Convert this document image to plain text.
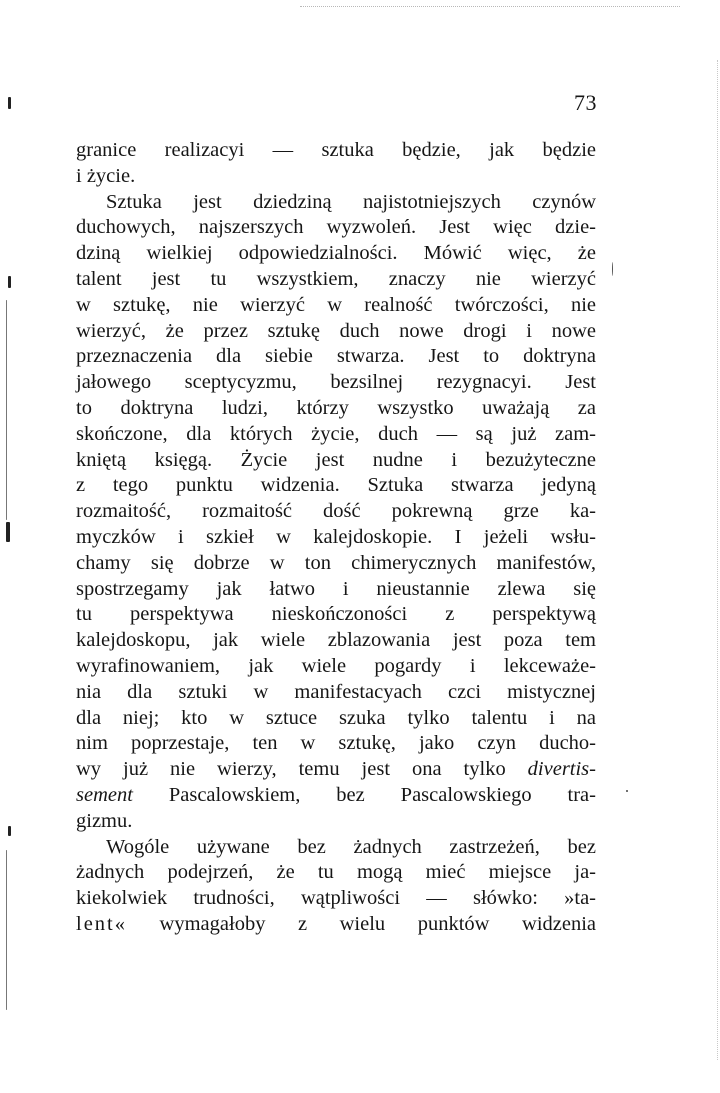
73
granice realizacyi — sztuka będzie, jak będzie
i życie.
Sztuka jest dziedziną najistotniejszych czynów
duchowych, najszerszych wyzwoleń. Jest więc dzie-
dziną wielkiej odpowiedzialności. Mówić więc, że
talent jest tu wszystkiem, znaczy nie wierzyć
w sztukę, nie wierzyć w realność twórczości, nie
wierzyć, że przez sztukę duch nowe drogi i nowe
przeznaczenia dla siebie stwarza. Jest to doktryna
jałowego sceptycyzmu, bezsilnej rezygnacyi. Jest
to doktryna ludzi, którzy wszystko uważają za
skończone, dla których życie, duch — są już zam-
kniętą księgą. Życie jest nudne i bezużyteczne
z tego punktu widzenia. Sztuka stwarza jedyną
rozmaitość, rozmaitość dość pokrewną grze ka-
myczków i szkieł w kalejdoskopie. I jeżeli wsłu-
chamy się dobrze w ton chimerycznych manifestów,
spostrzegamy jak łatwo i nieustannie zlewa się
tu perspektywa nieskończoności z perspektywą
kalejdoskopu, jak wiele zblazowania jest poza tem
wyrafinowaniem, jak wiele pogardy i lekceważe-
nia dla sztuki w manifestacyach czci mistycznej
dla niej; kto w sztuce szuka tylko talentu i na
nim poprzestaje, ten w sztukę, jako czyn ducho-
wy już nie wierzy, temu jest ona tylko divertis-
sement Pascalowskiem, bez Pascalowskiego tra-
gizmu.
Wogóle używane bez żadnych zastrzeżeń, bez
żadnych podejrzeń, że tu mogą mieć miejsce ja-
kiekolwiek trudności, wątpliwości — słówko: »ta-
lent« wymagałoby z wielu punktów widzenia
